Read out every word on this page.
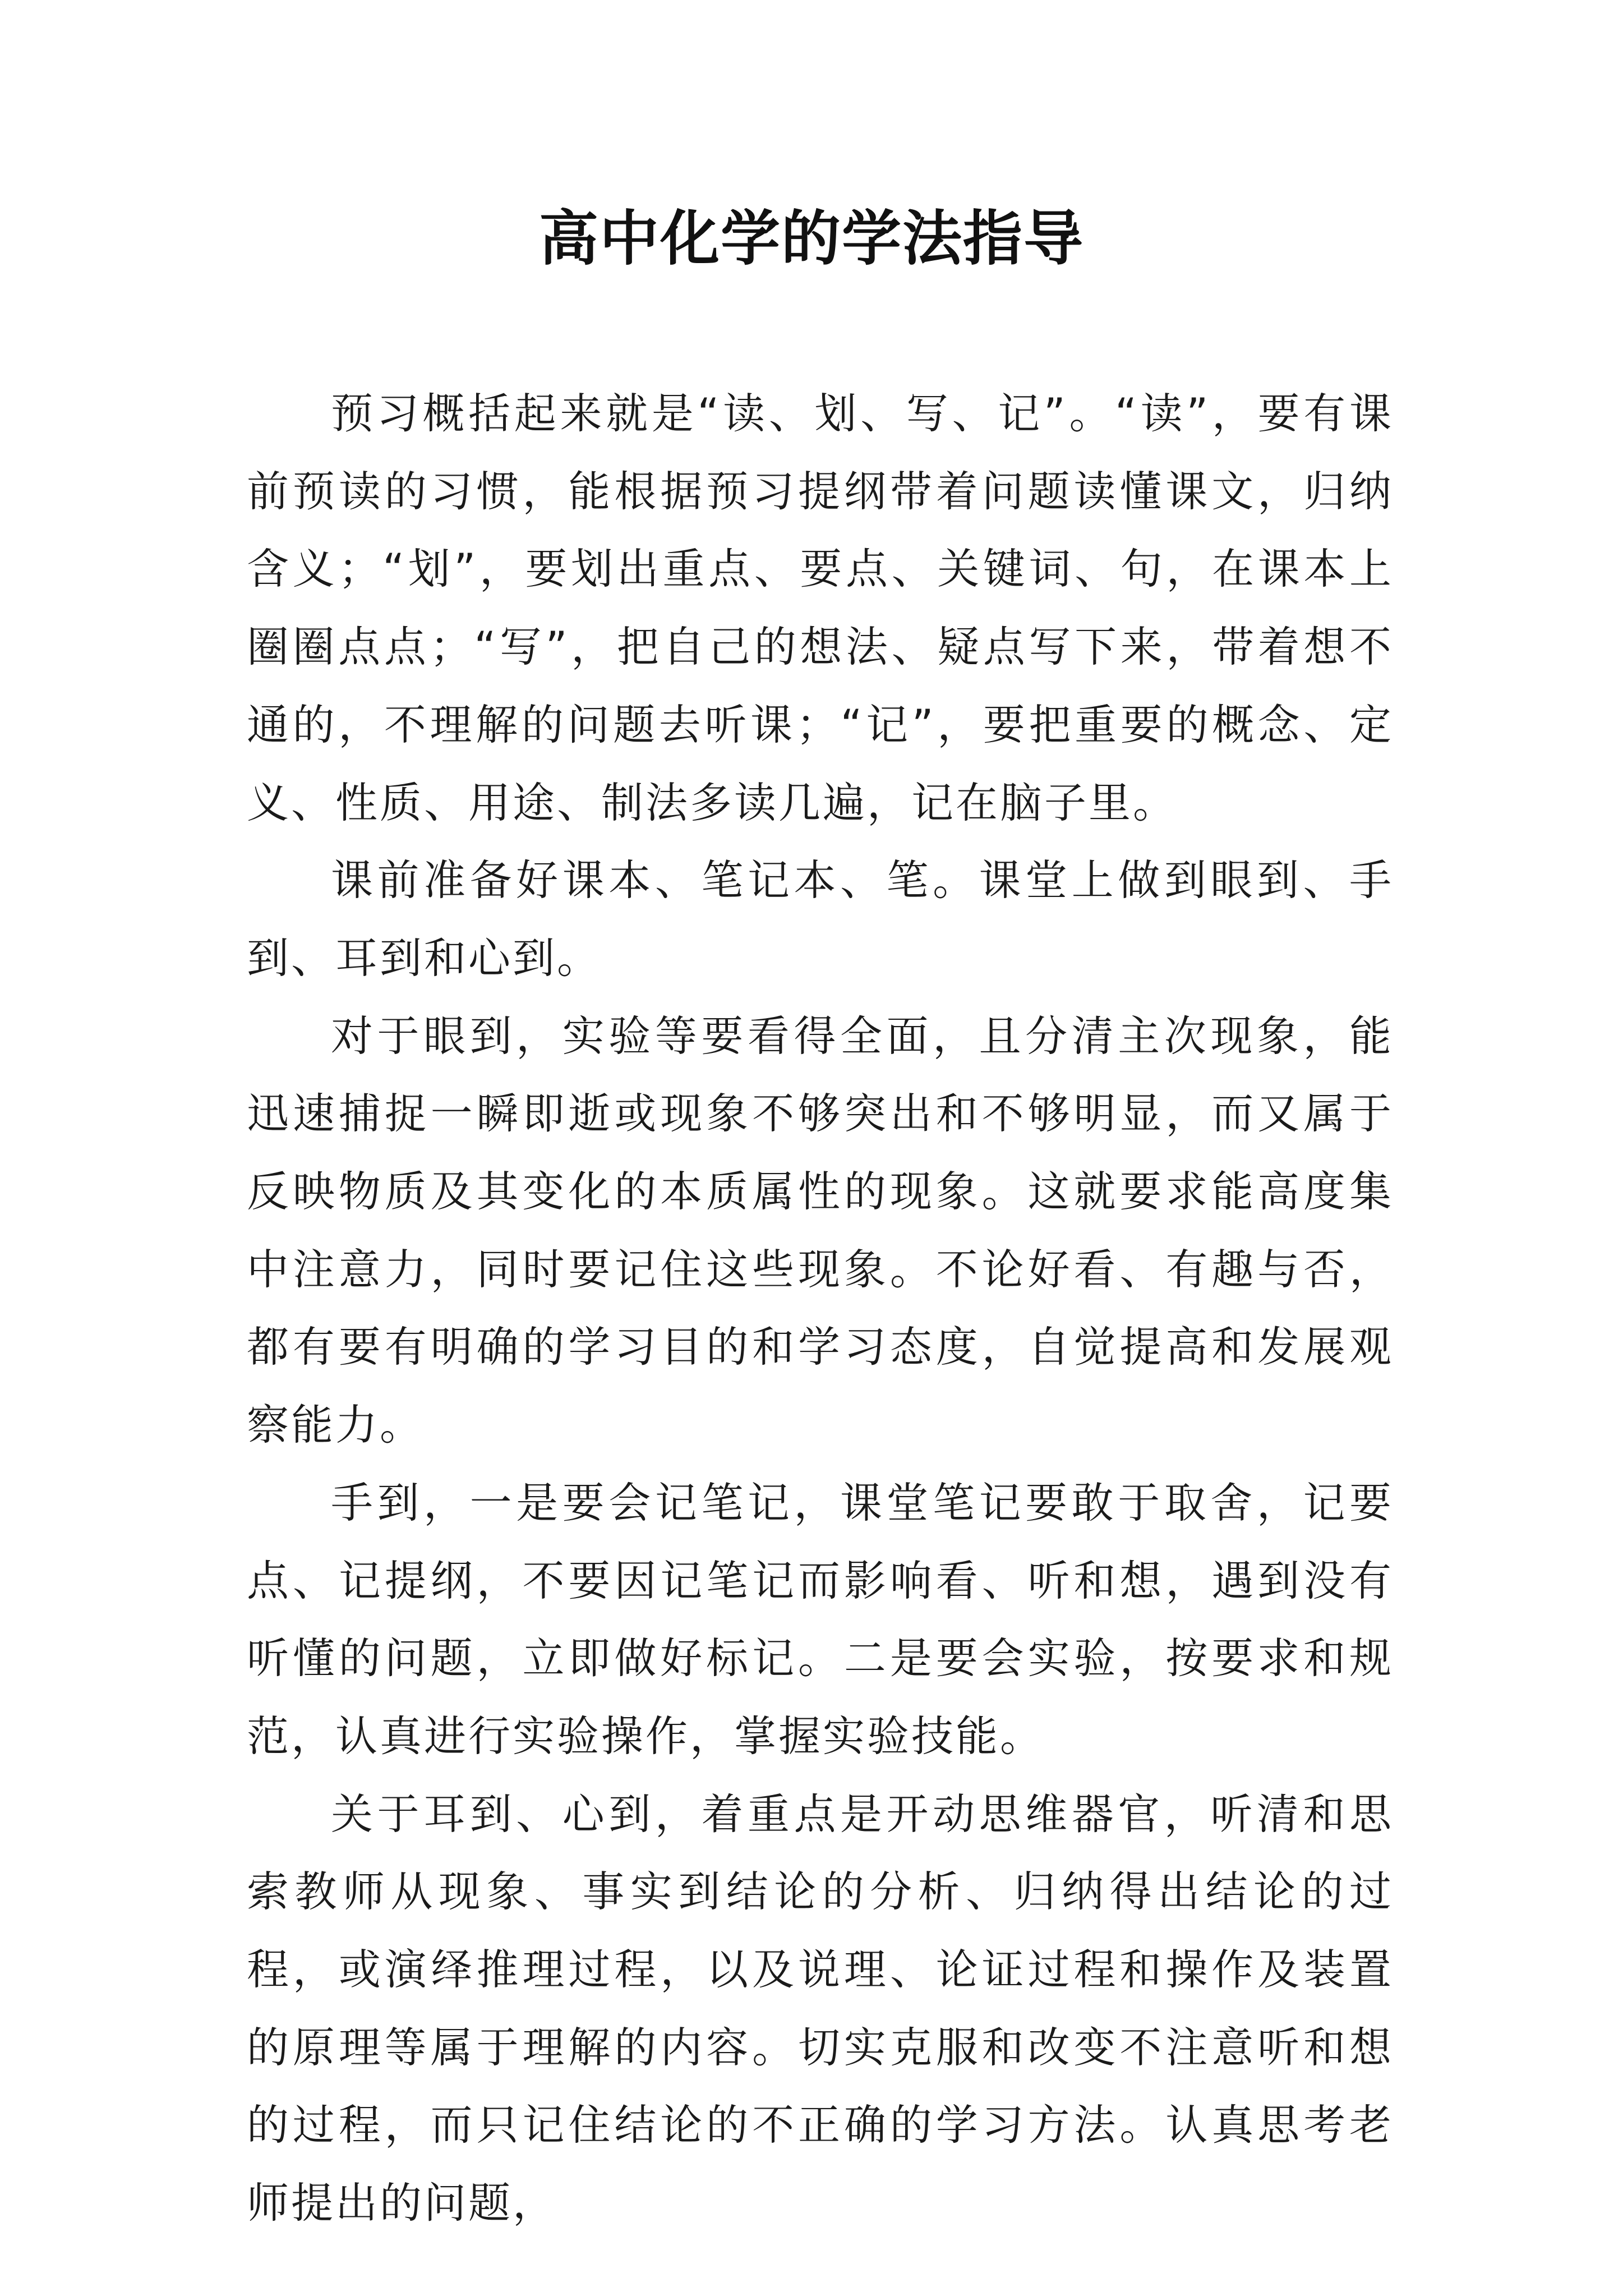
高中化学的学法指导

预习概括起来就是“读、划、写、记”。“读”，要有课前预读的习惯，能根据预习提纲带着问题读懂课文，归纳含义；“划”，要划出重点、要点、关键词、句，在课本上圈圈点点；“写”，把自己的想法、疑点写下来，带着想不通的，不理解的问题去听课；“记”，要把重要的概念、定义、性质、用途、制法多读几遍，记在脑子里。

课前准备好课本、笔记本、笔。课堂上做到眼到、手到、耳到和心到。

对于眼到，实验等要看得全面，且分清主次现象，能迅速捕捉一瞬即逝或现象不够突出和不够明显，而又属于反映物质及其变化的本质属性的现象。这就要求能高度集中注意力，同时要记住这些现象。不论好看、有趣与否，都有要有明确的学习目的和学习态度，自觉提高和发展观察能力。

手到，一是要会记笔记，课堂笔记要敢于取舍，记要点、记提纲，不要因记笔记而影响看、听和想，遇到没有听懂的问题，立即做好标记。二是要会实验，按要求和规范，认真进行实验操作，掌握实验技能。

关于耳到、心到，着重点是开动思维器官，听清和思索教师从现象、事实到结论的分析、归纳得出结论的过程，或演绎推理过程，以及说理、论证过程和操作及装置的原理等属于理解的内容。切实克服和改变不注意听和想的过程，而只记住结论的不正确的学习方法。认真思考老师提出的问题，
